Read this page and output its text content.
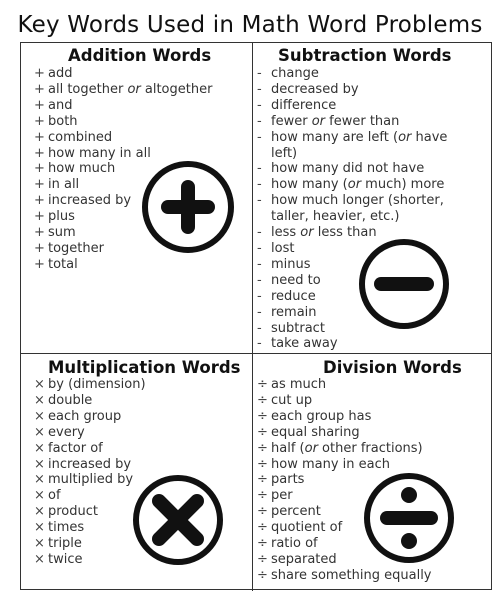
Key Words Used in Math Word Problems
Addition Words
+ add
+ all together or altogether
+ and
+ both
+ combined
+ how many in all
+ how much
+ in all
+ increased by
+ plus
+ sum
+ together
+ total
Subtraction Words
- change
- decreased by
- difference
- fewer or fewer than
- how many are left (or have
left)
- how many did not have
- how many (or much) more
- how much longer (shorter,
taller, heavier, etc.)
- less or less than
- lost
- minus
- need to
- reduce
- remain
- subtract
- take away
Multiplication Words
× by (dimension)
× double
× each group
× every
× factor of
× increased by
× multiplied by
× of
× product
× times
× triple
× twice
Division Words
÷ as much
÷ cut up
÷ each group has
÷ equal sharing
÷ half (or other fractions)
÷ how many in each
÷ parts
÷ per
÷ percent
÷ quotient of
÷ ratio of
÷ separated
÷ share something equally
